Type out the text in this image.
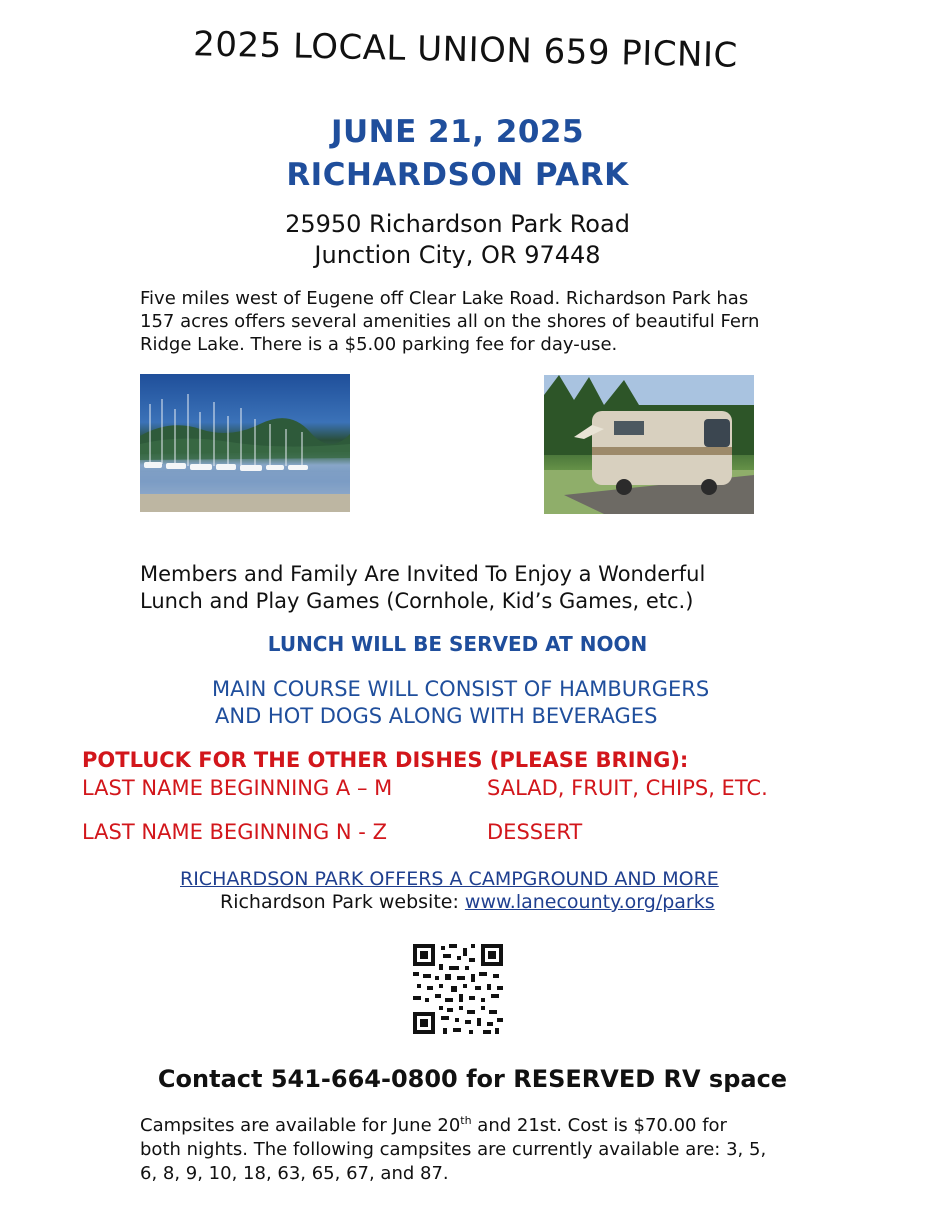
2025 LOCAL UNION 659 PICNIC
JUNE 21, 2025
RICHARDSON PARK
25950 Richardson Park Road
Junction City, OR 97448
Five miles west of Eugene off Clear Lake Road. Richardson Park has
157 acres offers several amenities all on the shores of beautiful Fern
Ridge Lake. There is a $5.00 parking fee for day-use.
Members and Family Are Invited To Enjoy a Wonderful
Lunch and Play Games (Cornhole, Kid’s Games, etc.)
LUNCH WILL BE SERVED AT NOON
MAIN COURSE WILL CONSIST OF HAMBURGERS
AND HOT DOGS ALONG WITH BEVERAGES
POTLUCK FOR THE OTHER DISHES (PLEASE BRING):
LAST NAME BEGINNING A – M	SALAD, FRUIT, CHIPS, ETC.
LAST NAME BEGINNING N - Z	DESSERT
RICHARDSON PARK OFFERS A CAMPGROUND AND MORE
Richardson Park website: www.lanecounty.org/parks
Contact 541-664-0800 for RESERVED RV space
Campsites are available for June 20th and 21st. Cost is $70.00 for
both nights. The following campsites are currently available are: 3, 5,
6, 8, 9, 10, 18, 63, 65, 67, and 87.
